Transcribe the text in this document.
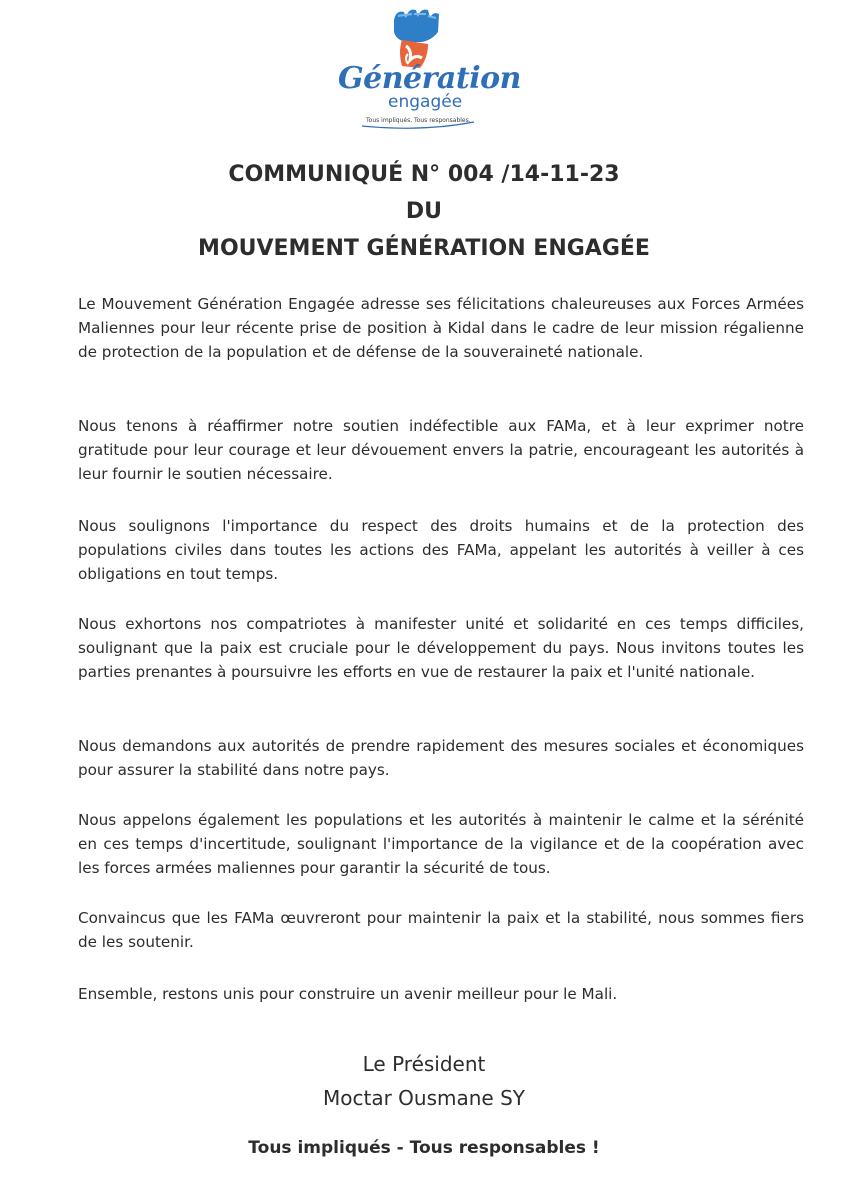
Génération
engagée
Tous impliqués, Tous responsables.
COMMUNIQUÉ N° 004 /14-11-23
DU
MOUVEMENT GÉNÉRATION ENGAGÉE

Le Mouvement Génération Engagée adresse ses félicitations chaleureuses aux Forces Armées Maliennes pour leur récente prise de position à Kidal dans le cadre de leur mission régalienne de protection de la population et de défense de la souveraineté nationale.

Nous tenons à réaffirmer notre soutien indéfectible aux FAMa, et à leur exprimer notre gratitude pour leur courage et leur dévouement envers la patrie, encourageant les autorités à leur fournir le soutien nécessaire.

Nous soulignons l'importance du respect des droits humains et de la protection des populations civiles dans toutes les actions des FAMa, appelant les autorités à veiller à ces obligations en tout temps.

Nous exhortons nos compatriotes à manifester unité et solidarité en ces temps difficiles, soulignant que la paix est cruciale pour le développement du pays. Nous invitons toutes les parties prenantes à poursuivre les efforts en vue de restaurer la paix et l'unité nationale.

Nous demandons aux autorités de prendre rapidement des mesures sociales et économiques pour assurer la stabilité dans notre pays.

Nous appelons également les populations et les autorités à maintenir le calme et la sérénité en ces temps d'incertitude, soulignant l'importance de la vigilance et de la coopération avec les forces armées maliennes pour garantir la sécurité de tous.

Convaincus que les FAMa œuvreront pour maintenir la paix et la stabilité, nous sommes fiers de les soutenir.

Ensemble, restons unis pour construire un avenir meilleur pour le Mali.

Le Président
Moctar Ousmane SY
Tous impliqués - Tous responsables !
